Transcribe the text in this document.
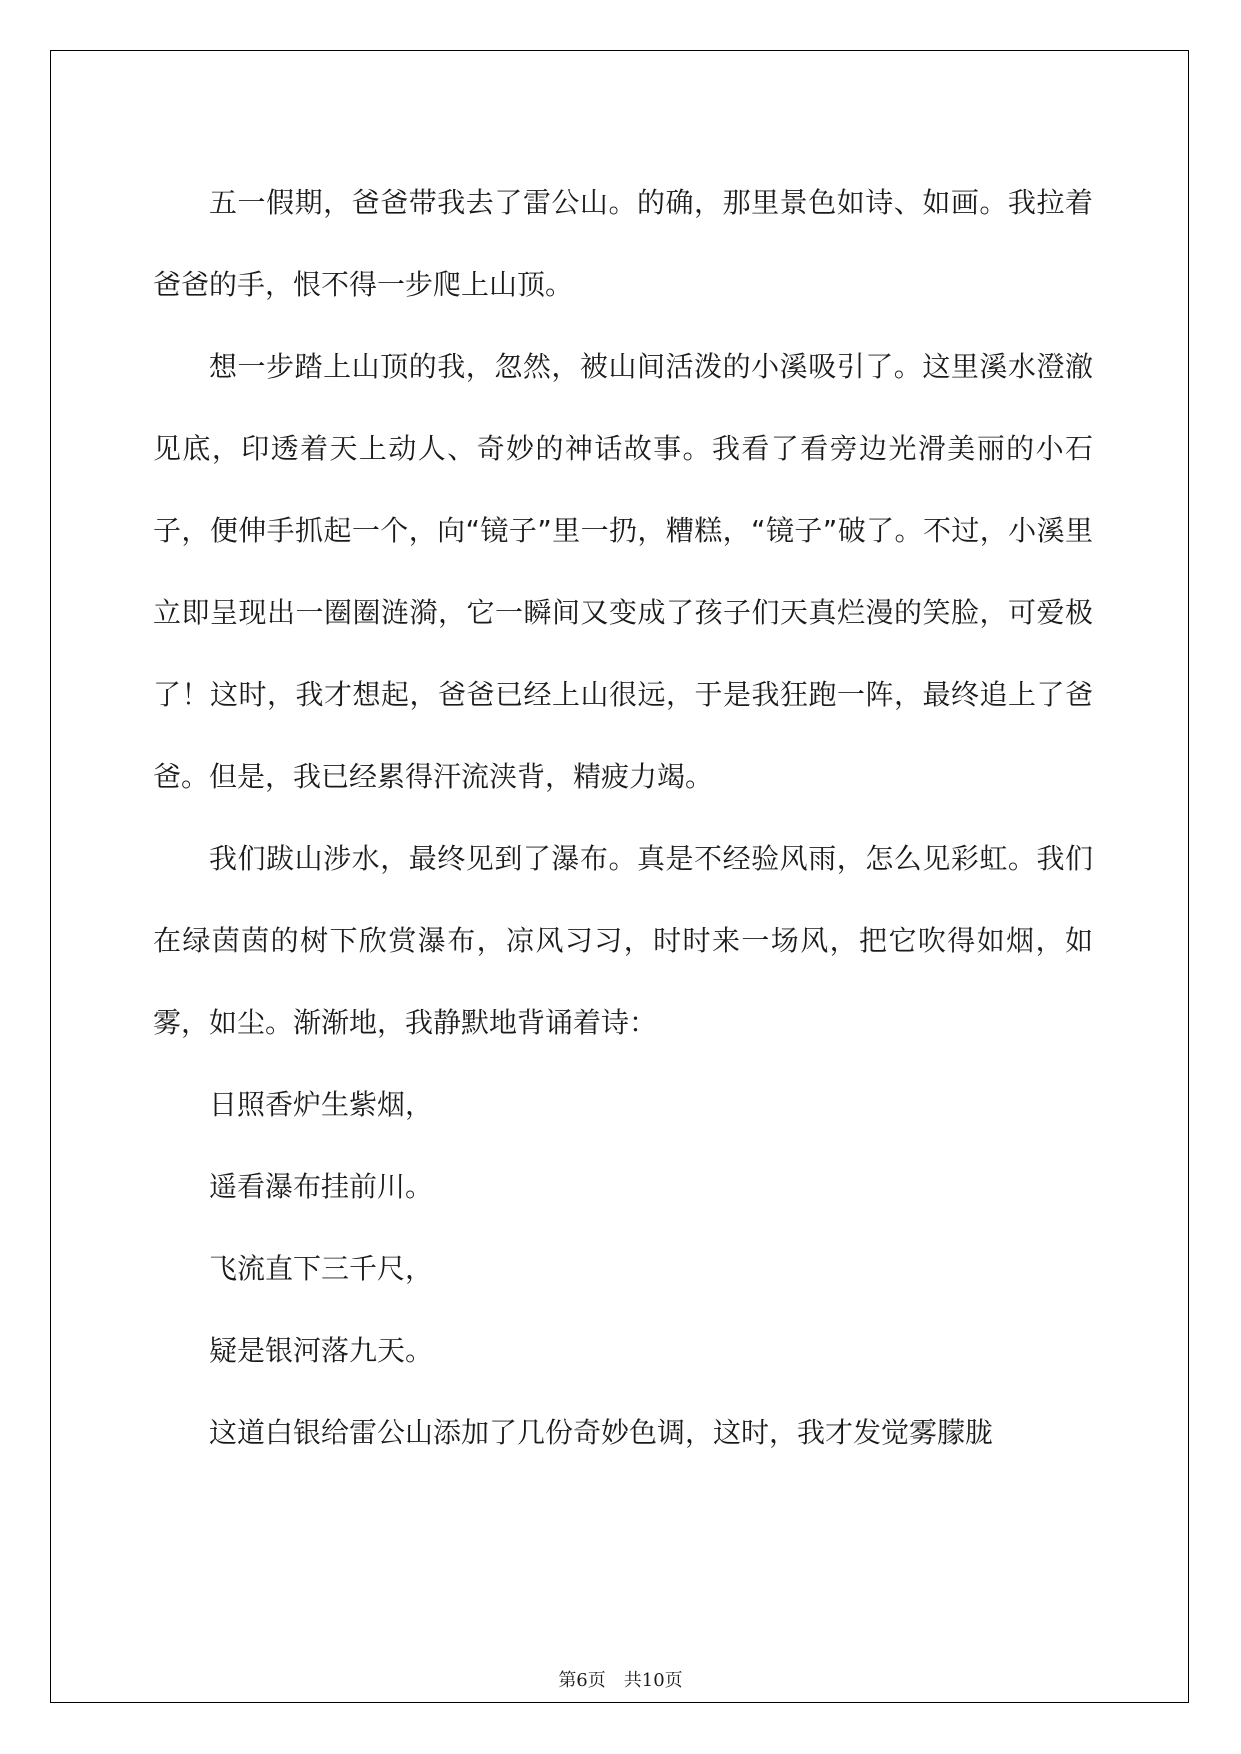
五一假期，爸爸带我去了雷公山。的确，那里景色如诗、如画。我拉着爸爸的手，恨不得一步爬上山顶。

想一步踏上山顶的我，忽然，被山间活泼的小溪吸引了。这里溪水澄澈见底，印透着天上动人、奇妙的神话故事。我看了看旁边光滑美丽的小石子，便伸手抓起一个，向“镜子”里一扔，糟糕，“镜子”破了。不过，小溪里立即呈现出一圈圈涟漪，它一瞬间又变成了孩子们天真烂漫的笑脸，可爱极了！这时，我才想起，爸爸已经上山很远，于是我狂跑一阵，最终追上了爸爸。但是，我已经累得汗流浃背，精疲力竭。

我们跋山涉水，最终见到了瀑布。真是不经验风雨，怎么见彩虹。我们在绿茵茵的树下欣赏瀑布，凉风习习，时时来一场风，把它吹得如烟，如雾，如尘。渐渐地，我静默地背诵着诗：

日照香炉生紫烟，

遥看瀑布挂前川。

飞流直下三千尺，

疑是银河落九天。

这道白银给雷公山添加了几份奇妙色调，这时，我才发觉雾朦胧

第6页　共10页
